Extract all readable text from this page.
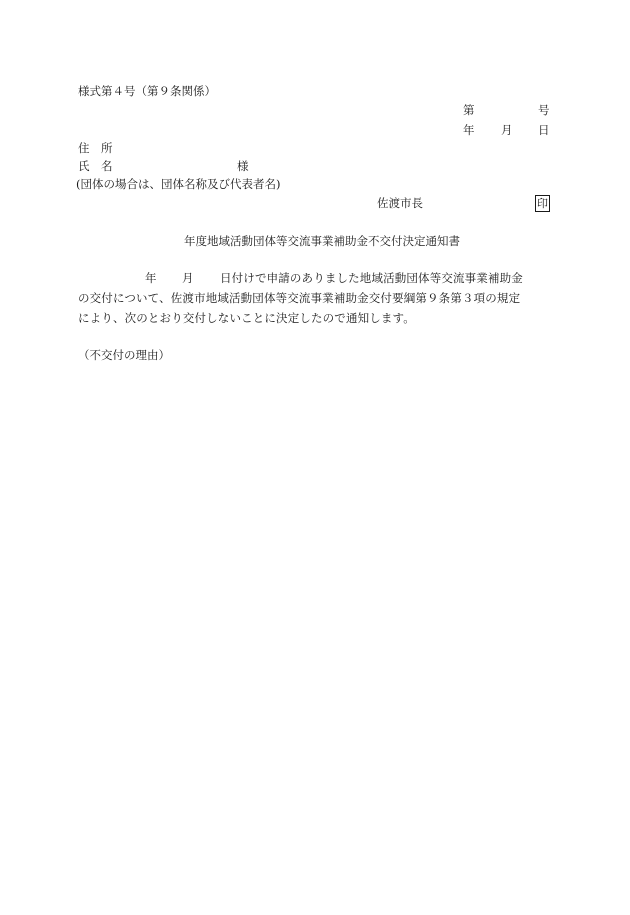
様式第４号（第９条関係）
第	号
年 月 日
住　所
氏　名	様
(団体の場合は、団体名称及び代表者名)
佐渡市長	印
年度地域活動団体等交流事業補助金不交付決定通知書
年 月 日付けで申請のありました地域活動団体等交流事業補助金
の交付について、佐渡市地域活動団体等交流事業補助金交付要綱第９条第３項の規定
により、次のとおり交付しないことに決定したので通知します。
（不交付の理由）
